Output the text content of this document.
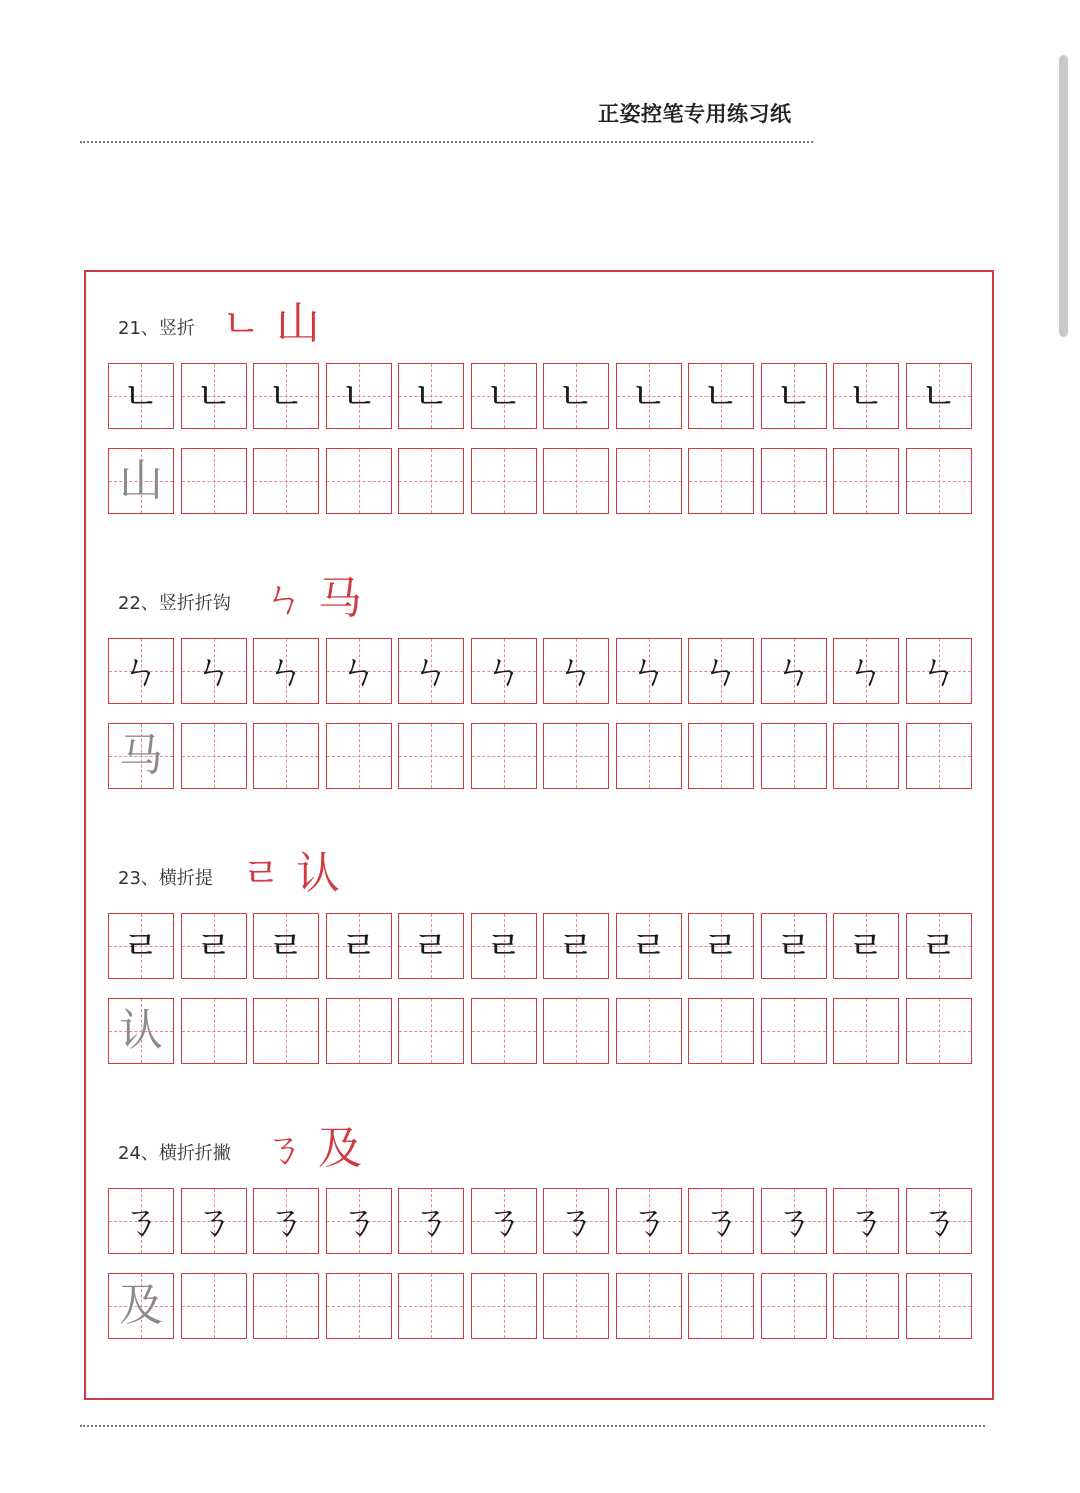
正姿控笔专用练习纸
21、竖折 ㄴ 山
ㄴ ㄴ ㄴ ㄴ ㄴ ㄴ ㄴ ㄴ ㄴ ㄴ ㄴ ㄴ
山
22、竖折折钩 ㄣ 马
ㄣ ㄣ ㄣ ㄣ ㄣ ㄣ ㄣ ㄣ ㄣ ㄣ ㄣ ㄣ
马
23、横折提 ㄹ 认
ㄹ ㄹ ㄹ ㄹ ㄹ ㄹ ㄹ ㄹ ㄹ ㄹ ㄹ ㄹ
认
24、横折折撇 ㄋ 及
ㄋ ㄋ ㄋ ㄋ ㄋ ㄋ ㄋ ㄋ ㄋ ㄋ ㄋ ㄋ
及
